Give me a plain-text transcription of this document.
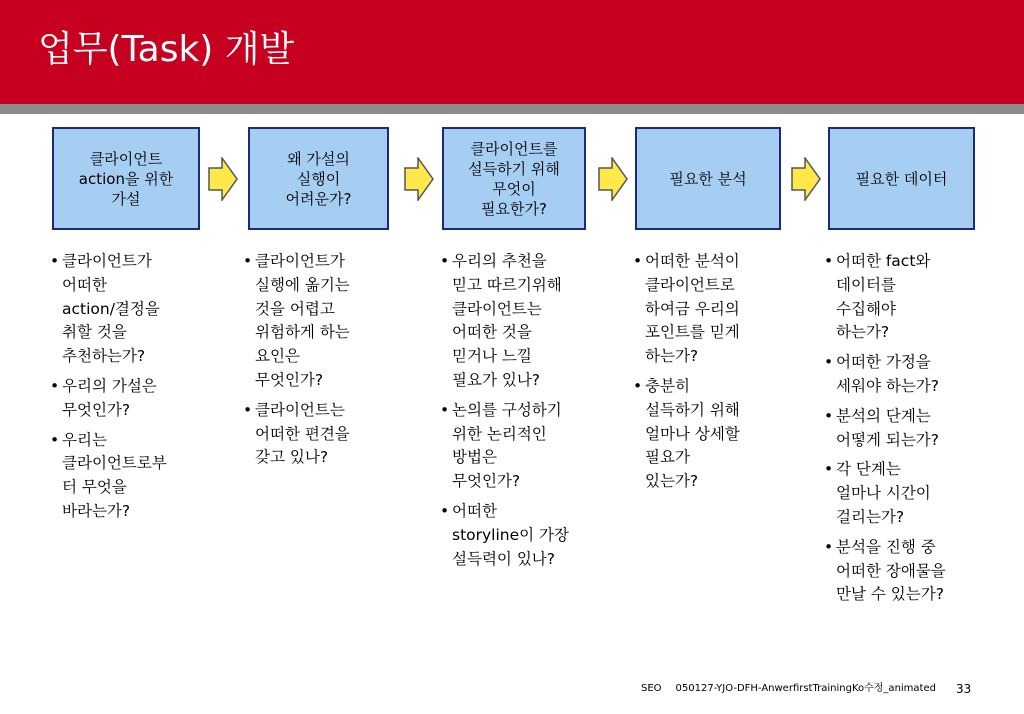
업무(Task) 개발
클라이언트
action을 위한
가설
왜 가설의
실행이
어려운가?
클라이언트를
설득하기 위해
무엇이
필요한가?
필요한 분석	필요한 데이터
• 클라이언트가
어떠한
action/결정을
취할 것을
추천하는가?
• 우리의 가설은
무엇인가?
• 우리는
클라이언트로부
터 무엇을
바라는가?
• 클라이언트가
실행에 옮기는
것을 어렵고
위험하게 하는
요인은
무엇인가?
• 클라이언트는
어떠한 편견을
갖고 있나?
• 우리의 추천을
믿고 따르기위해
클라이언트는
어떠한 것을
믿거나 느낄
필요가 있나?
• 논의를 구성하기
위한 논리적인
방법은
무엇인가?
• 어떠한
storyline이 가장
설득력이 있나?
• 어떠한 분석이
클라이언트로
하여금 우리의
포인트를 믿게
하는가?
• 충분히
설득하기 위해
얼마나 상세할
필요가
있는가?
• 어떠한 fact와
데이터를
수집해야
하는가?
• 어떠한 가정을
세워야 하는가?
• 분석의 단계는
어떻게 되는가?
• 각 단계는
얼마나 시간이
걸리는가?
• 분석을 진행 중
어떠한 장애물을
만날 수 있는가?
SEO 050127-YJO-DFH-AnwerfirstTrainingKo수정_animated 33
